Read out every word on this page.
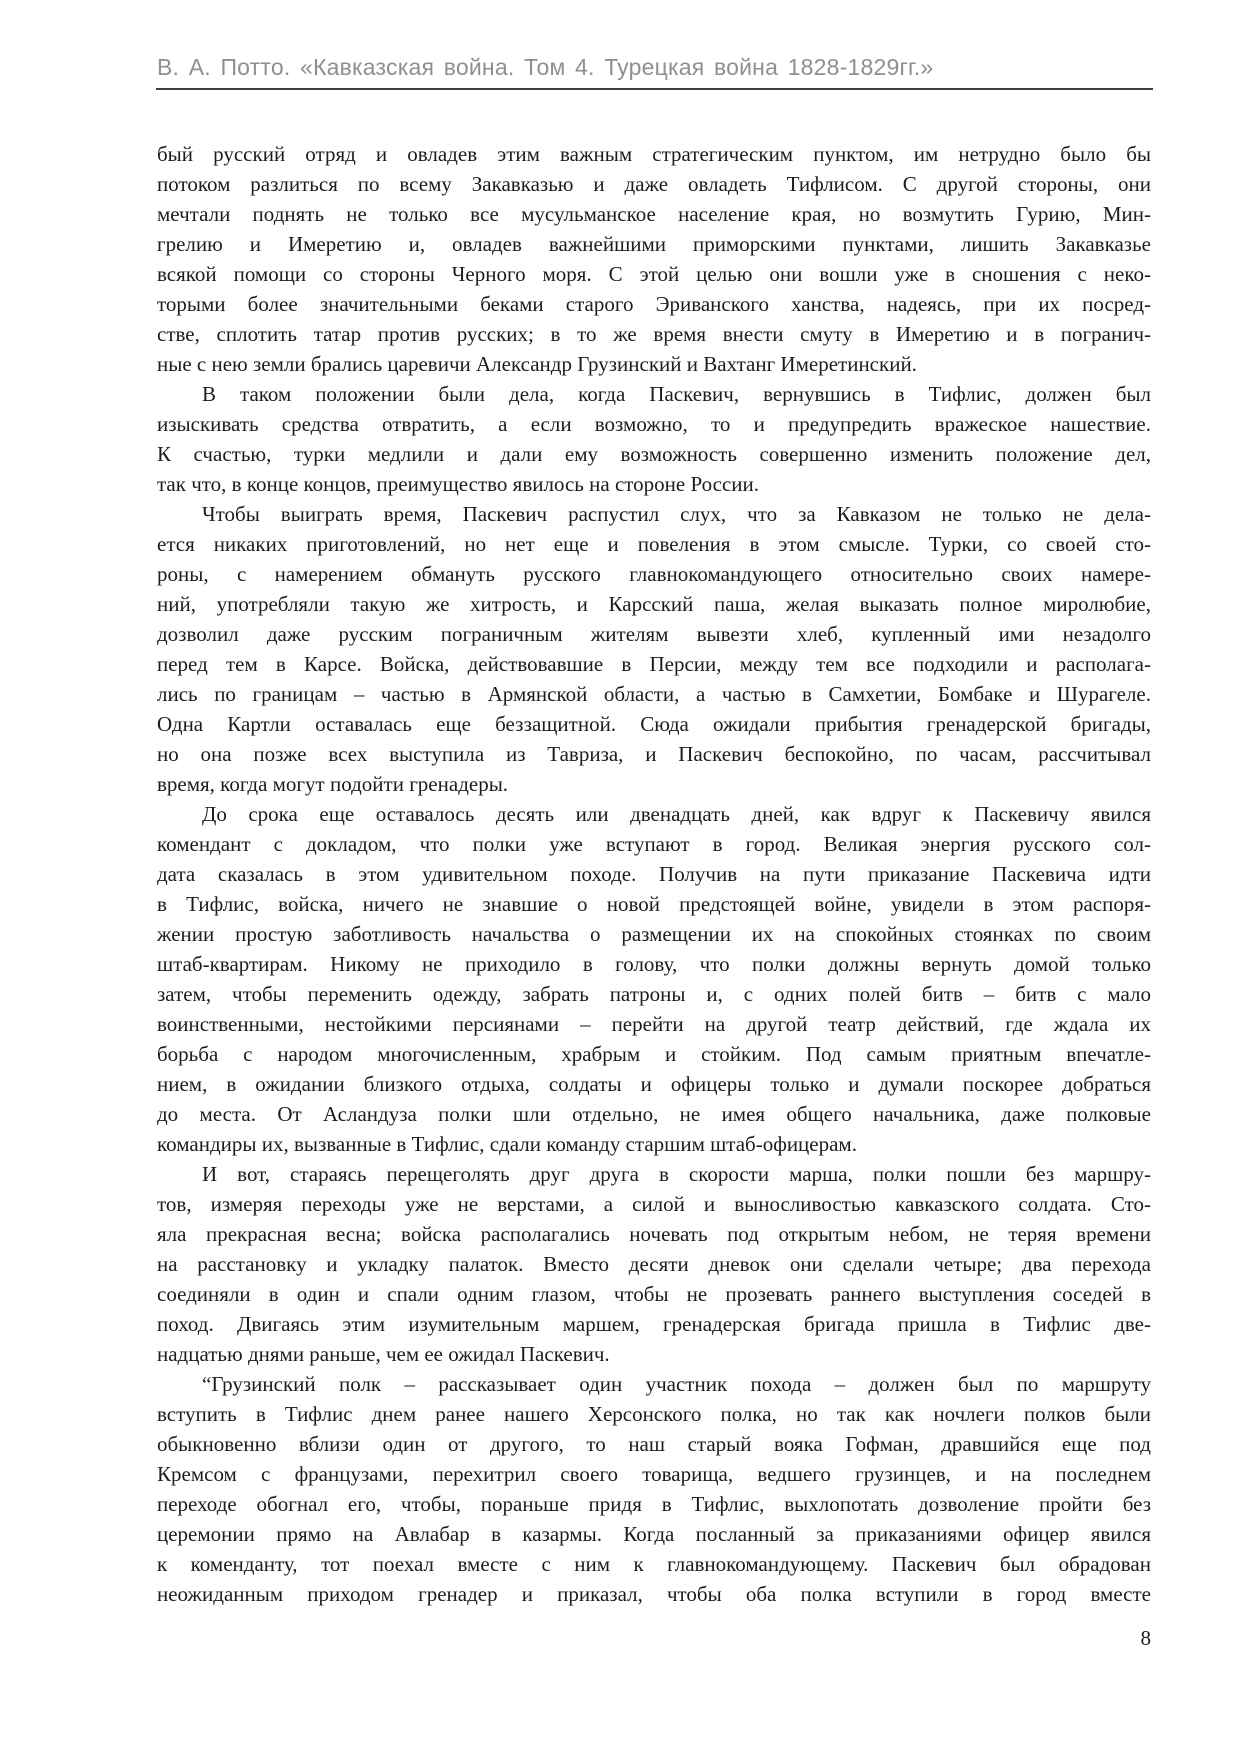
В. А. Потто. «Кавказская война. Том 4. Турецкая война 1828-1829гг.»
бый русский отряд и овладев этим важным стратегическим пунктом, им нетрудно было бы
потоком разлиться по всему Закавказью и даже овладеть Тифлисом. С другой стороны, они
мечтали поднять не только все мусульманское население края, но возмутить Гурию, Мин-
грелию и Имеретию и, овладев важнейшими приморскими пунктами, лишить Закавказье
всякой помощи со стороны Черного моря. С этой целью они вошли уже в сношения с неко-
торыми более значительными беками старого Эриванского ханства, надеясь, при их посред-
стве, сплотить татар против русских; в то же время внести смуту в Имеретию и в погранич-
ные с нею земли брались царевичи Александр Грузинский и Вахтанг Имеретинский.
В таком положении были дела, когда Паскевич, вернувшись в Тифлис, должен был
изыскивать средства отвратить, а если возможно, то и предупредить вражеское нашествие.
К счастью, турки медлили и дали ему возможность совершенно изменить положение дел,
так что, в конце концов, преимущество явилось на стороне России.
Чтобы выиграть время, Паскевич распустил слух, что за Кавказом не только не дела-
ется никаких приготовлений, но нет еще и повеления в этом смысле. Турки, со своей сто-
роны, с намерением обмануть русского главнокомандующего относительно своих намере-
ний, употребляли такую же хитрость, и Карсский паша, желая выказать полное миролюбие,
дозволил даже русским пограничным жителям вывезти хлеб, купленный ими незадолго
перед тем в Карсе. Войска, действовавшие в Персии, между тем все подходили и располага-
лись по границам – частью в Армянской области, а частью в Самхетии, Бомбаке и Шурагеле.
Одна Картли оставалась еще беззащитной. Сюда ожидали прибытия гренадерской бригады,
но она позже всех выступила из Тавриза, и Паскевич беспокойно, по часам, рассчитывал
время, когда могут подойти гренадеры.
До срока еще оставалось десять или двенадцать дней, как вдруг к Паскевичу явился
комендант с докладом, что полки уже вступают в город. Великая энергия русского сол-
дата сказалась в этом удивительном походе. Получив на пути приказание Паскевича идти
в Тифлис, войска, ничего не знавшие о новой предстоящей войне, увидели в этом распоря-
жении простую заботливость начальства о размещении их на спокойных стоянках по своим
штаб-квартирам. Никому не приходило в голову, что полки должны вернуть домой только
затем, чтобы переменить одежду, забрать патроны и, с одних полей битв – битв с мало
воинственными, нестойкими персиянами – перейти на другой театр действий, где ждала их
борьба с народом многочисленным, храбрым и стойким. Под самым приятным впечатле-
нием, в ожидании близкого отдыха, солдаты и офицеры только и думали поскорее добраться
до места. От Асландуза полки шли отдельно, не имея общего начальника, даже полковые
командиры их, вызванные в Тифлис, сдали команду старшим штаб-офицерам.
И вот, стараясь перещеголять друг друга в скорости марша, полки пошли без маршру-
тов, измеряя переходы уже не верстами, а силой и выносливостью кавказского солдата. Сто-
яла прекрасная весна; войска располагались ночевать под открытым небом, не теряя времени
на расстановку и укладку палаток. Вместо десяти дневок они сделали четыре; два перехода
соединяли в один и спали одним глазом, чтобы не прозевать раннего выступления соседей в
поход. Двигаясь этим изумительным маршем, гренадерская бригада пришла в Тифлис две-
надцатью днями раньше, чем ее ожидал Паскевич.
“Грузинский полк – рассказывает один участник похода – должен был по маршруту
вступить в Тифлис днем ранее нашего Херсонского полка, но так как ночлеги полков были
обыкновенно вблизи один от другого, то наш старый вояка Гофман, дравшийся еще под
Кремсом с французами, перехитрил своего товарища, ведшего грузинцев, и на последнем
переходе обогнал его, чтобы, пораньше придя в Тифлис, выхлопотать дозволение пройти без
церемонии прямо на Авлабар в казармы. Когда посланный за приказаниями офицер явился
к коменданту, тот поехал вместе с ним к главнокомандующему. Паскевич был обрадован
неожиданным приходом гренадер и приказал, чтобы оба полка вступили в город вместе
8
